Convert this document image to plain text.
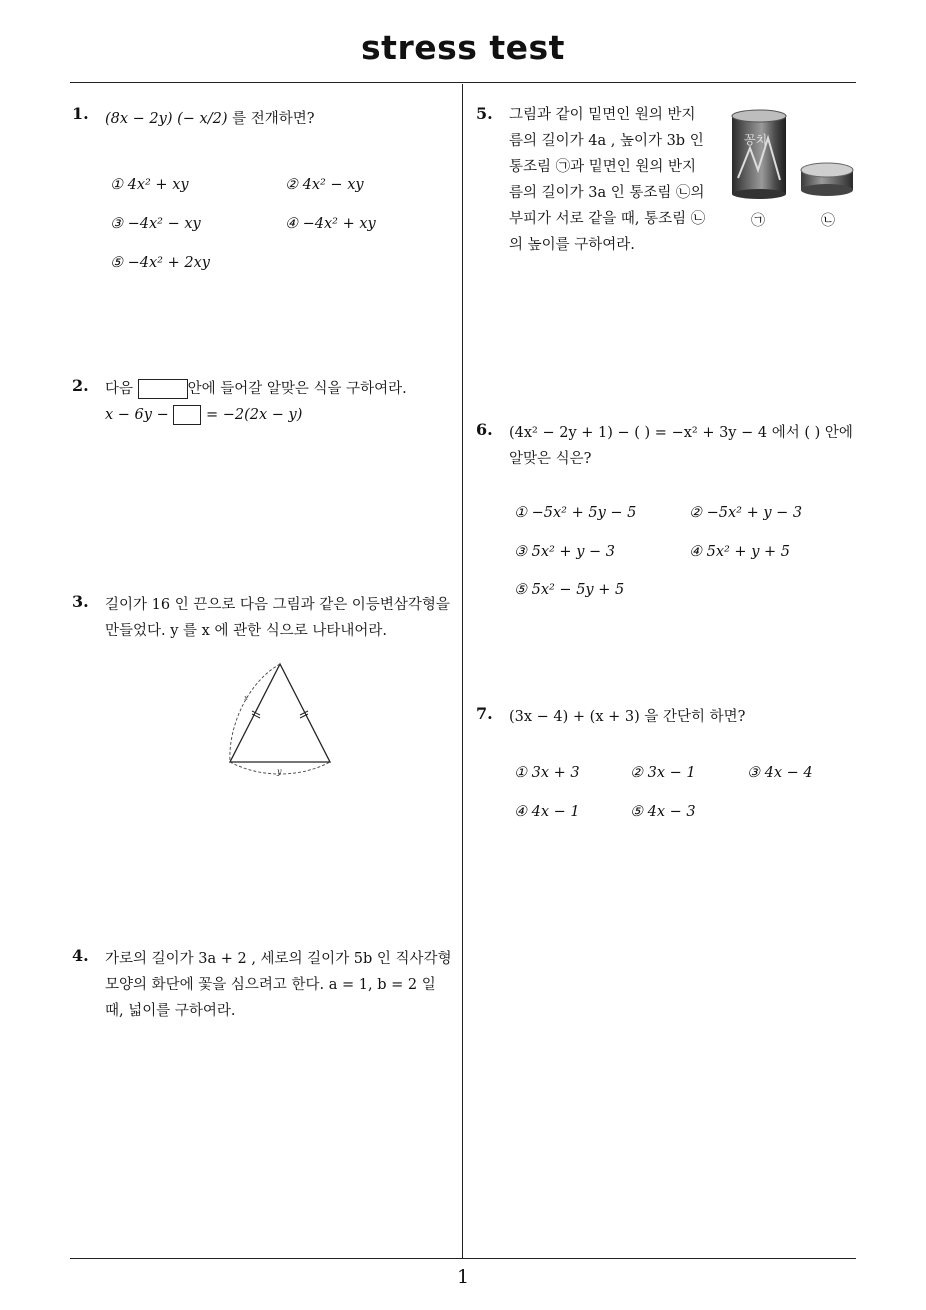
stress test
1
1. (8x − 2y) (− x/2) 를 전개하면?
① 4x² + xy	② 4x² − xy
③ −4x² − xy	④ −4x² + xy
⑤ −4x² + 2xy
2. 다음	안에 들어갈 알맞은 식을 구하여라.
x − 6y −	= −2(2x − y)
3. 길이가 16 인 끈으로 다음 그림과 같은 이등변삼각형을
만들었다. y 를 x 에 관한 식으로 나타내어라.
x
y
4. 가로의 길이가 3a + 2 , 세로의 길이가 5b 인 직사각형
모양의 화단에 꽃을 심으려고 한다. a = 1, b = 2 일
때, 넓이를 구하여라.
5. 그림과 같이 밑면인 원의 반지
름의 길이가 4a , 높이가 3b 인
통조림 ㉠과 밑면인 원의 반지
름의 길이가 3a 인 통조림 ㉡의
부피가 서로 같을 때, 통조림 ㉡
의 높이를 구하여라.
꽁치
㉠	㉡
6. (4x² − 2y + 1) − ( ) = −x² + 3y − 4 에서 ( ) 안에
알맞은 식은?
① −5x² + 5y − 5	② −5x² + y − 3
③ 5x² + y − 3	④ 5x² + y + 5
⑤ 5x² − 5y + 5
7. (3x − 4) + (x + 3) 을 간단히 하면?
① 3x + 3	② 3x − 1	③ 4x − 4
④ 4x − 1	⑤ 4x − 3
